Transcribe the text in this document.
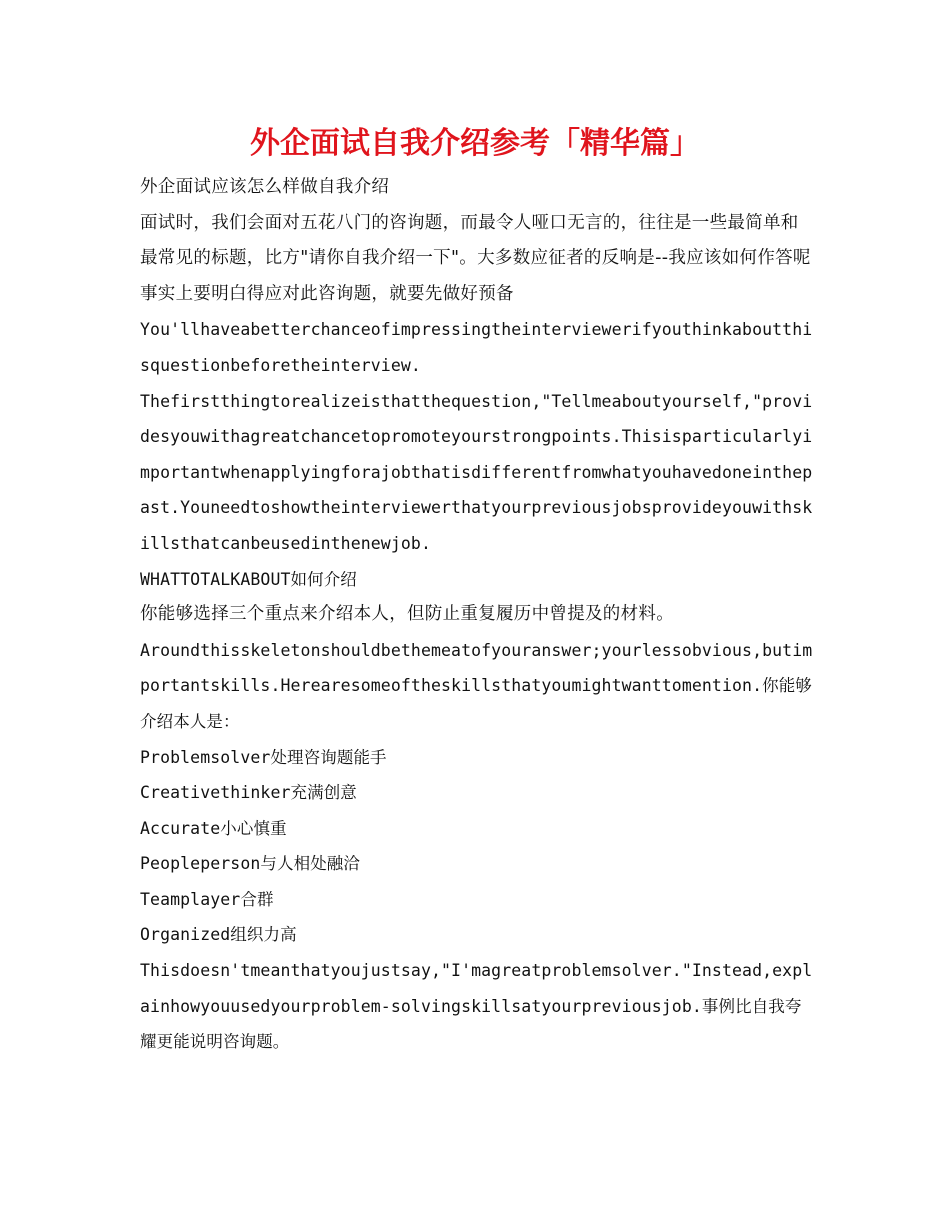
外企面试自我介绍参考「精华篇」

外企面试应该怎么样做自我介绍

面试时，我们会面对五花八门的咨询题，而最令人哑口无言的，往往是一些最简单和最常见的标题，比方"请你自我介绍一下"。大多数应征者的反响是--我应该如何作答呢

事实上要明白得应对此咨询题，就要先做好预备

You'llhaveabetterchanceofimpressingtheinterviewerifyouthinkaboutthisquestionbeforetheinterview.

Thefirstthingtorealizeisthatthequestion,"Tellmeaboutyourself,"providesyouwithagreatchancetopromoteyourstrongpoints.Thisisparticularlyimportantwhenapplyingforajobthatisdifferentfromwhatyouhavedoneinthepast.Youneedtoshowtheinterviewerthatyourpreviousjobsprovideyouwithskillsthatcanbeusedinthenewjob.

WHATTOTALKABOUT如何介绍

你能够选择三个重点来介绍本人，但防止重复履历中曾提及的材料。

Aroundthisskeletonshouldbethemeatofyouranswer;yourlessobvious,butimportantskills.Herearesomeoftheskillsthatyoumightwanttomention.你能够介绍本人是：

Problemsolver处理咨询题能手

Creativethinker充满创意

Accurate小心慎重

Peopleperson与人相处融洽

Teamplayer合群

Organized组织力高

Thisdoesn'tmeanthatyoujustsay,"I'magreatproblemsolver."Instead,explainhowyouusedyourproblem-solvingskillsatyourpreviousjob.事例比自我夸耀更能说明咨询题。
